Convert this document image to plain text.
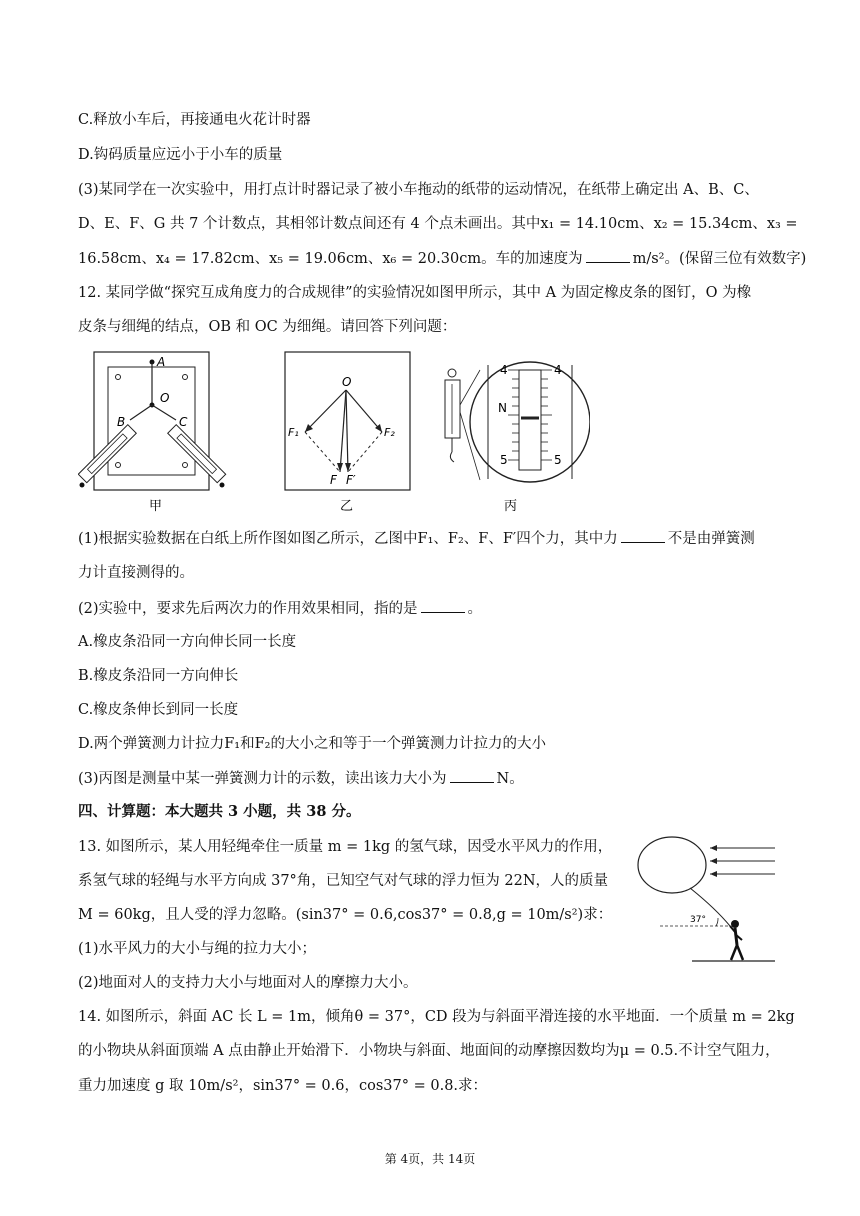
C.释放小车后，再接通电火花计时器
D.钩码质量应远小于小车的质量
(3)某同学在一次实验中，用打点计时器记录了被小车拖动的纸带的运动情况，在纸带上确定出 A、B、C、
D、E、F、G 共 7 个计数点，其相邻计数点间还有 4 个点未画出。其中x₁ = 14.10cm、x₂ = 15.34cm、x₃ =
16.58cm、x₄ = 17.82cm、x₅ = 19.06cm、x₆ = 20.30cm。车的加速度为	m/s²。(保留三位有效数字)
12. 某同学做“探究互成角度力的合成规律”的实验情况如图甲所示，其中 A 为固定橡皮条的图钉，O 为橡
皮条与细绳的结点，OB 和 OC 为细绳。请回答下列问题：
A
O
B	C
甲
O
F₁	F₂
F F′
乙
4	4
N
5	5
丙
(1)根据实验数据在白纸上所作图如图乙所示，乙图中F₁、F₂、F、F′四个力，其中力	不是由弹簧测
力计直接测得的。
(2)实验中，要求先后两次力的作用效果相同，指的是	。
A.橡皮条沿同一方向伸长同一长度
B.橡皮条沿同一方向伸长
C.橡皮条伸长到同一长度
D.两个弹簧测力计拉力F₁和F₂的大小之和等于一个弹簧测力计拉力的大小
(3)丙图是测量中某一弹簧测力计的示数，读出该力大小为	N。
四、计算题：本大题共 3 小题，共 38 分。
13. 如图所示，某人用轻绳牵住一质量 m = 1kg 的氢气球，因受水平风力的作用，
系氢气球的轻绳与水平方向成 37°角，已知空气对气球的浮力恒为 22N，人的质量
M = 60kg，且人受的浮力忽略。(sin37° = 0.6,cos37° = 0.8,g = 10m/s²)求：
(1)水平风力的大小与绳的拉力大小；
(2)地面对人的支持力大小与地面对人的摩擦力大小。
37°
14. 如图所示，斜面 AC 长 L = 1m，倾角θ = 37°，CD 段为与斜面平滑连接的水平地面．一个质量 m = 2kg
的小物块从斜面顶端 A 点由静止开始滑下．小物块与斜面、地面间的动摩擦因数均为μ = 0.5.不计空气阻力，
重力加速度 g 取 10m/s²，sin37° = 0.6，cos37° = 0.8.求：
第 4页，共 14页
